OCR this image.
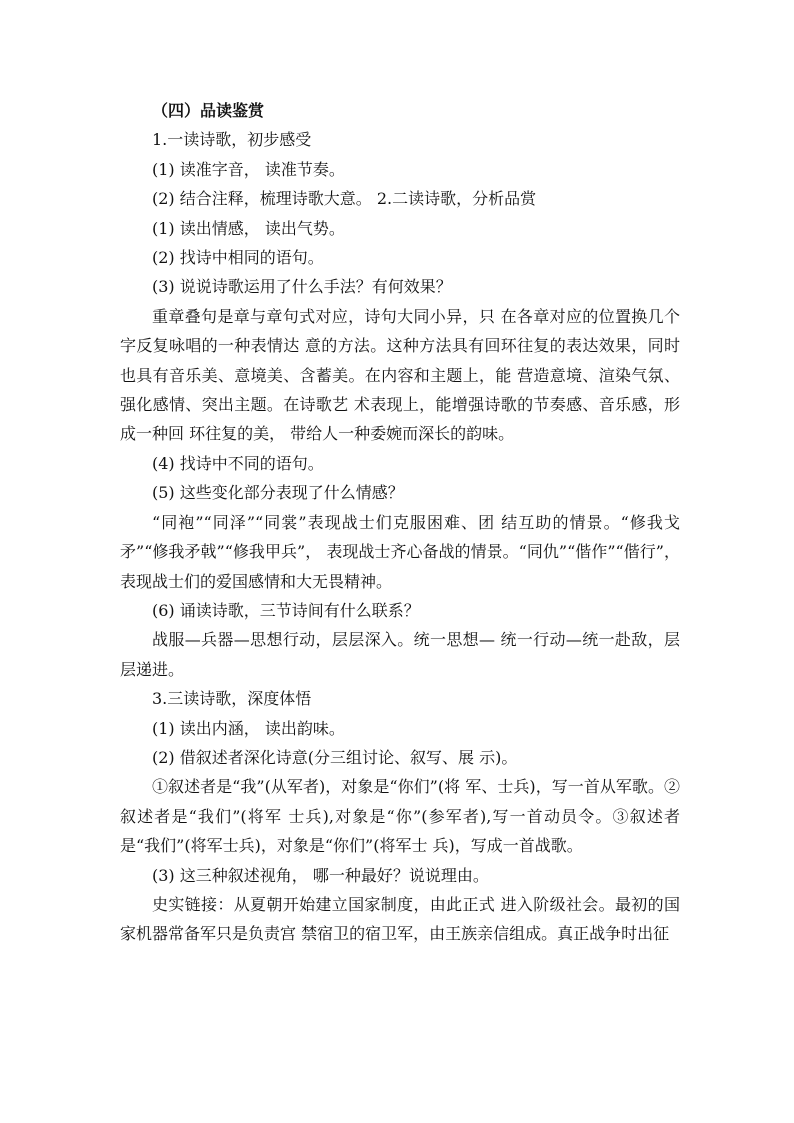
（四）品读鉴赏

1.一读诗歌，初步感受

(1) 读准字音， 读准节奏。

(2) 结合注释，梳理诗歌大意。 2.二读诗歌，分析品赏

(1) 读出情感， 读出气势。

(2) 找诗中相同的语句。

(3) 说说诗歌运用了什么手法？有何效果？

重章叠句是章与章句式对应，诗句大同小异，只 在各章对应的位置换几个字反复咏唱的一种表情达 意的方法。这种方法具有回环往复的表达效果，同时也具有音乐美、意境美、含蓄美。在内容和主题上，能 营造意境、渲染气氛、强化感情、突出主题。在诗歌艺 术表现上，能增强诗歌的节奏感、音乐感，形成一种回 环往复的美， 带给人一种委婉而深长的韵味。

(4) 找诗中不同的语句。

(5) 这些变化部分表现了什么情感？

“同袍”“同泽”“同裳”表现战士们克服困难、团 结互助的情景。“修我戈矛”“修我矛戟”“修我甲兵”， 表现战士齐心备战的情景。“同仇”“偕作”“偕行”， 表现战士们的爱国感情和大无畏精神。

(6) 诵读诗歌，三节诗间有什么联系？

战服—兵器—思想行动，层层深入。统一思想— 统一行动—统一赴敌，层层递进。

3.三读诗歌，深度体悟

(1) 读出内涵， 读出韵味。

(2) 借叙述者深化诗意(分三组讨论、叙写、展 示)。

①叙述者是“我”(从军者)，对象是“你们”(将 军、士兵)，写一首从军歌。②叙述者是“我们”(将军 士兵),对象是“你”(参军者),写一首动员令。③叙述者是“我们”(将军士兵)，对象是“你们”(将军士 兵)，写成一首战歌。

(3) 这三种叙述视角， 哪一种最好？说说理由。

史实链接：从夏朝开始建立国家制度，由此正式 进入阶级社会。最初的国家机器常备军只是负责宫 禁宿卫的宿卫军，由王族亲信组成。真正战争时出征
